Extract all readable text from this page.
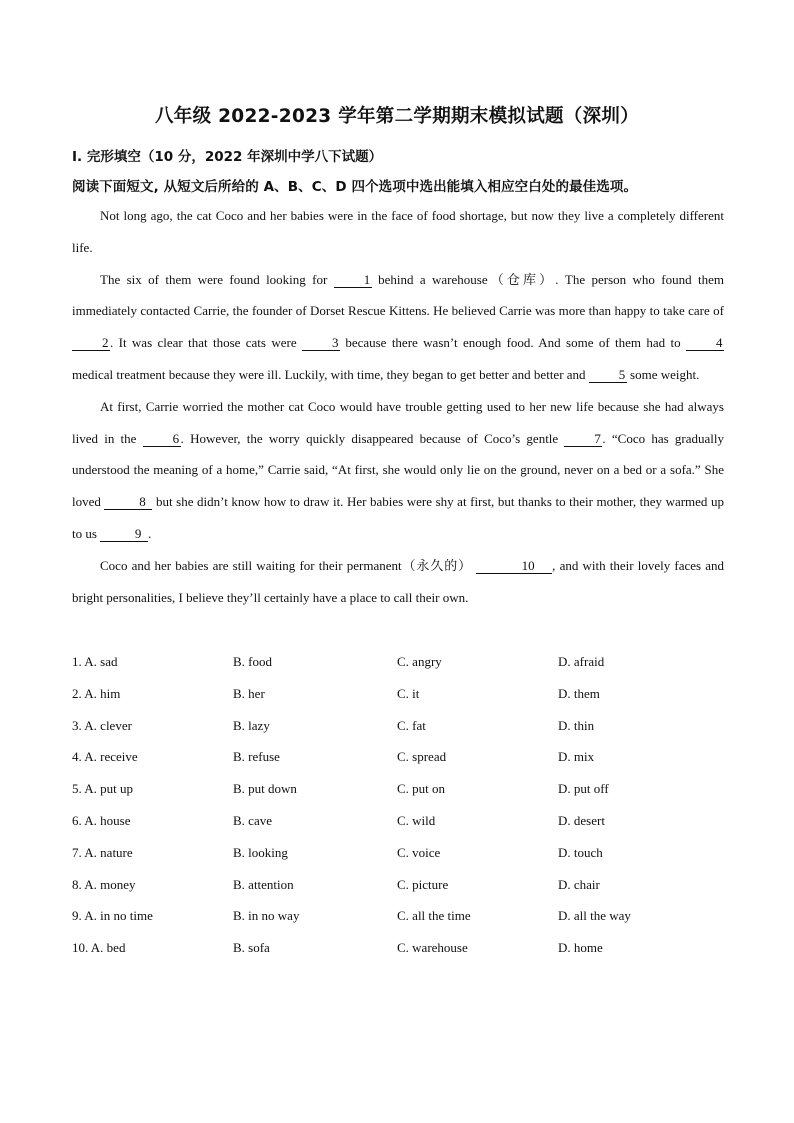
八年级 2022-2023 学年第二学期期末模拟试题（深圳）
I. 完形填空（10 分，2022 年深圳中学八下试题）
阅读下面短文, 从短文后所给的 A、B、C、D 四个选项中选出能填入相应空白处的最佳选项。

Not long ago, the cat Coco and her babies were in the face of food shortage, but now they live a completely different life.

The six of them were found looking for 1 behind a warehouse（仓库）. The person who found them immediately contacted Carrie, the founder of Dorset Rescue Kittens. He believed Carrie was more than happy to take care of 2 . It was clear that those cats were 3 because there wasn’t enough food. And some of them had to 4 medical treatment because they were ill. Luckily, with time, they began to get better and better and 5 some weight.

At first, Carrie worried the mother cat Coco would have trouble getting used to her new life because she had always lived in the 6 . However, the worry quickly disappeared because of Coco’s gentle 7 . “Coco has gradually understood the meaning of a home,” Carrie said, “At first, she would only lie on the ground, never on a bed or a sofa.” She loved	8 but she didn’t know how to draw it. Her babies were shy at first, but thanks to their mother, they warmed up to us	9 .

Coco and her babies are still waiting for their permanent（永久的）	10 , and with their lovely faces and bright personalities, I believe they’ll certainly have a place to call their own.

1. A. sad	B. food	C. angry	D. afraid
2. A. him	B. her	C. it	D. them
3. A. clever	B. lazy	C. fat	D. thin
4. A. receive	B. refuse	C. spread	D. mix
5. A. put up	B. put down	C. put on	D. put off
6. A. house	B. cave	C. wild	D. desert
7. A. nature	B. looking	C. voice	D. touch
8. A. money	B. attention	C. picture	D. chair
9. A. in no time	B. in no way	C. all the time	D. all the way
10. A. bed	B. sofa	C. warehouse	D. home
